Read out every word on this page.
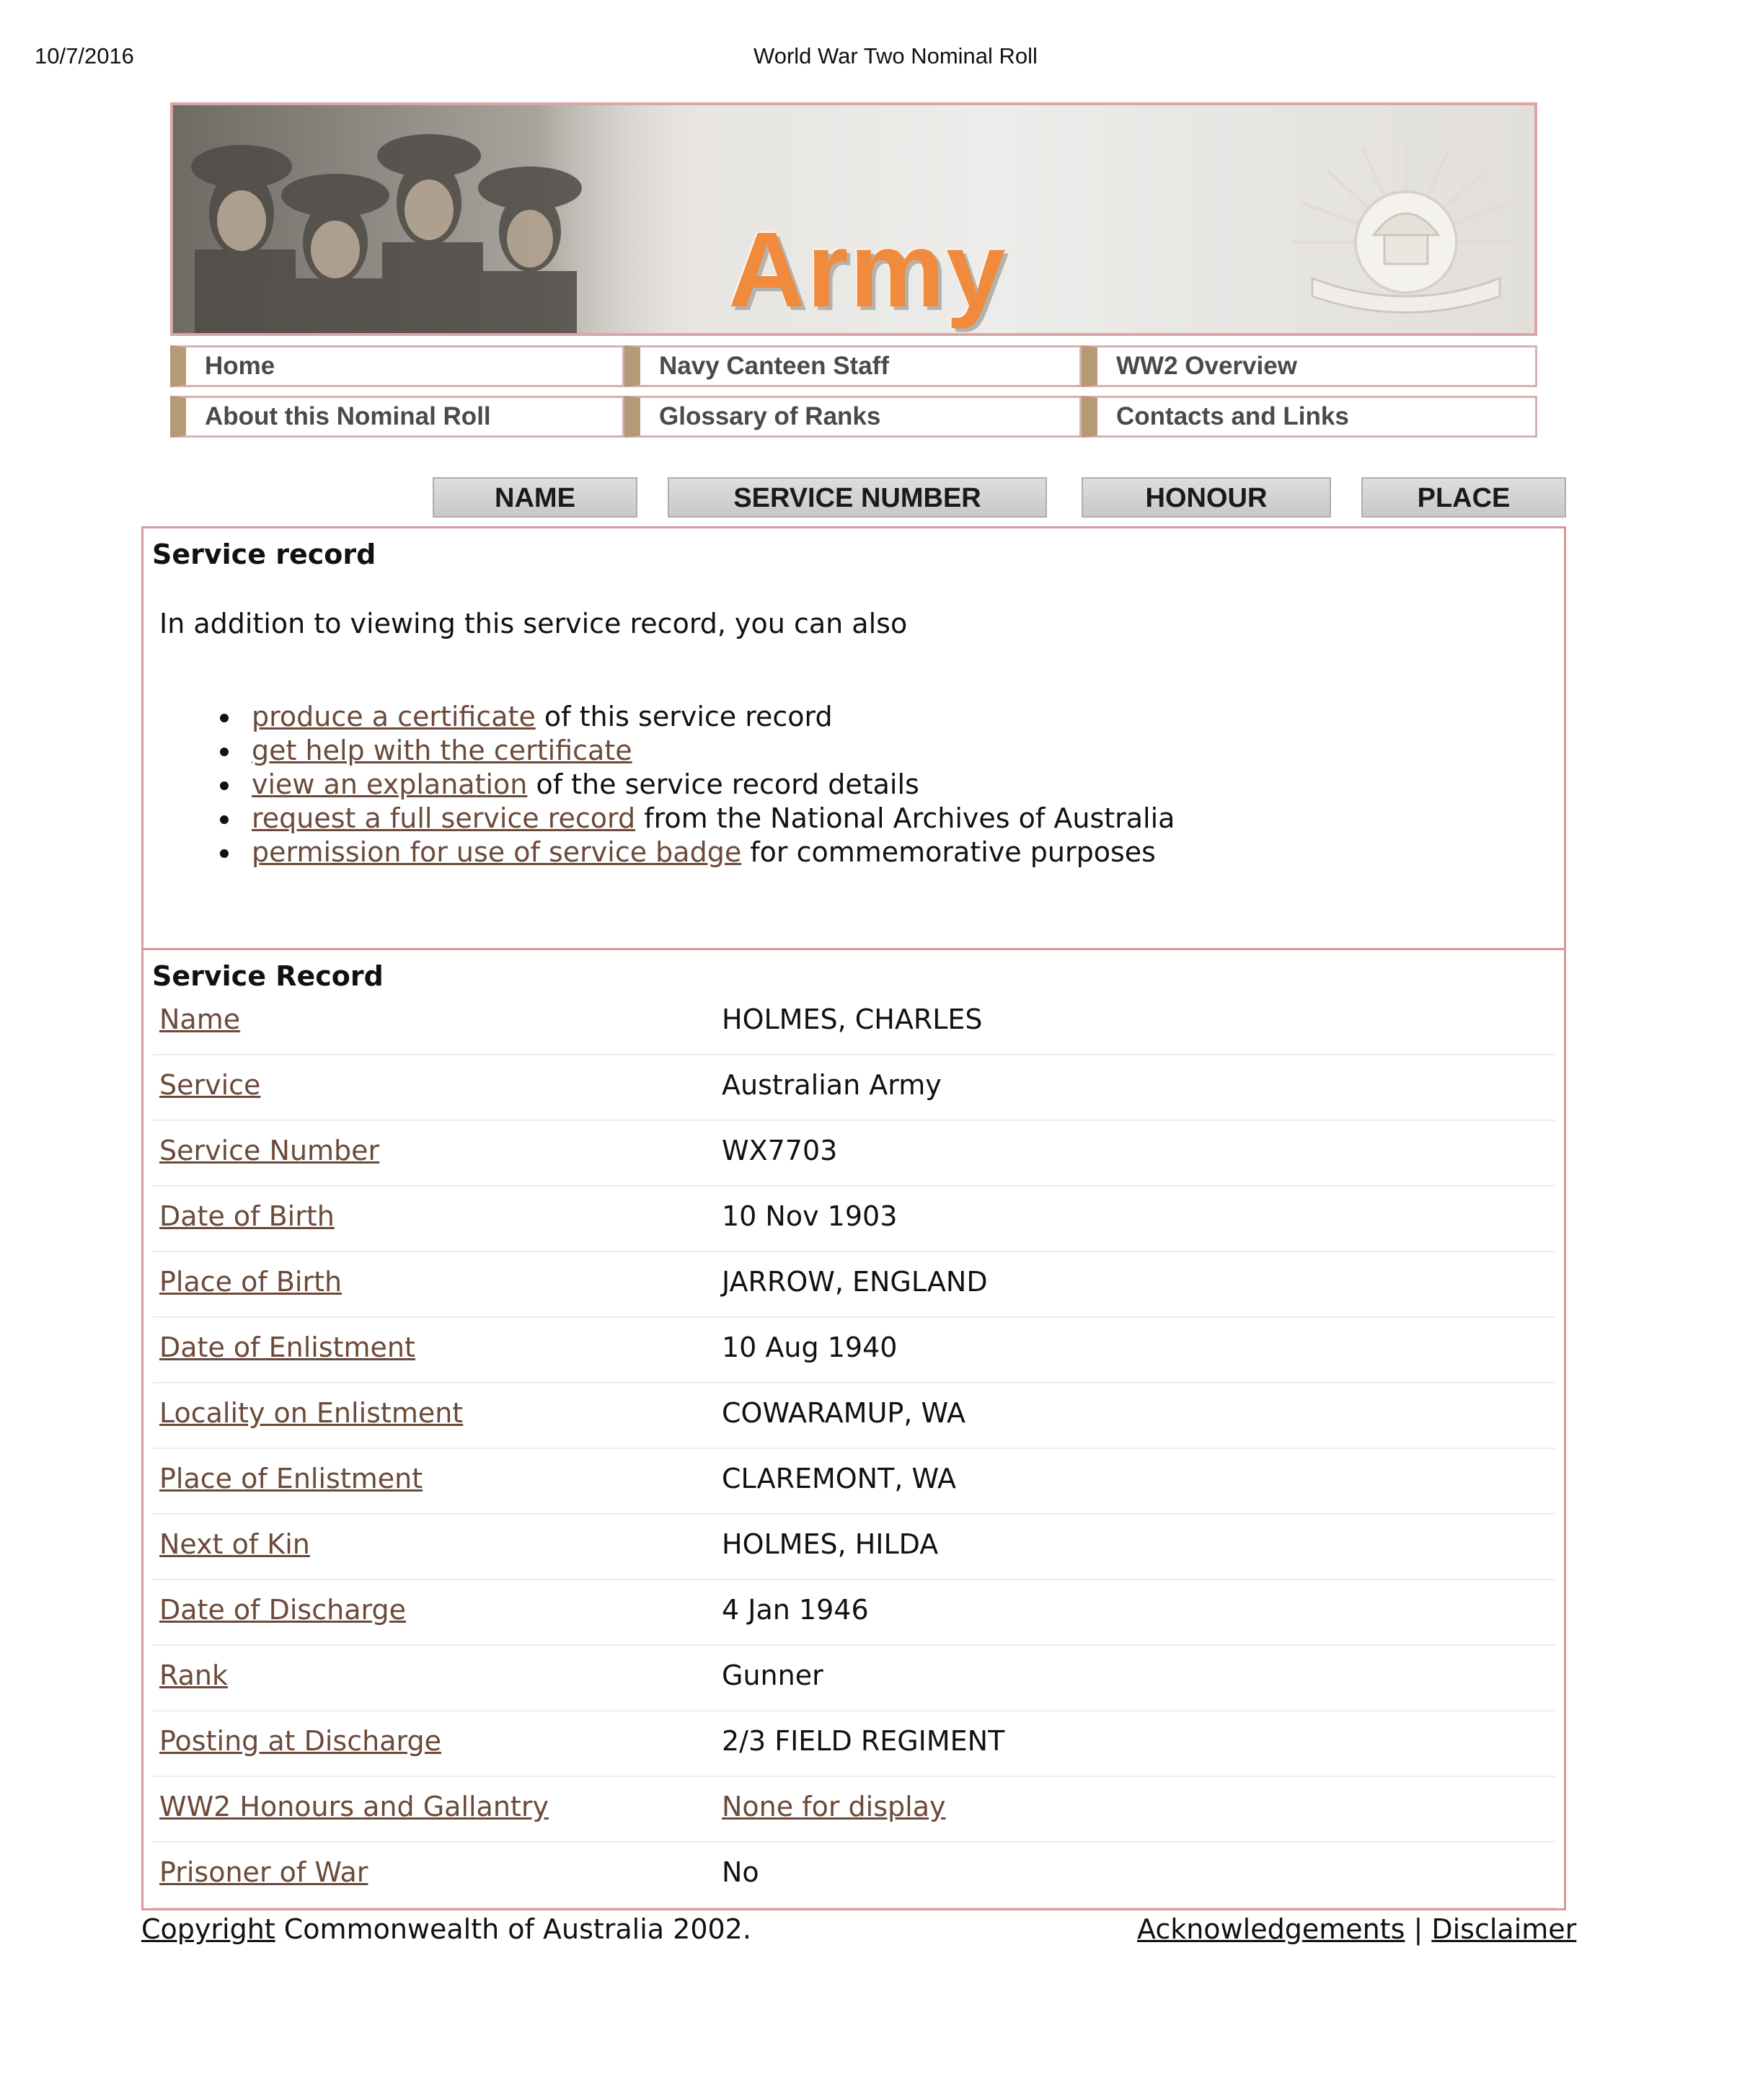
10/7/2016	World War Two Nominal Roll
Army
Home	Navy Canteen Staff	WW2 Overview
About this Nominal Roll	Glossary of Ranks	Contacts and Links
NAME	SERVICE NUMBER	HONOUR	PLACE
Service record
In addition to viewing this service record, you can also
produce a certificate of this service record
get help with the certificate
view an explanation of the service record details
request a full service record from the National Archives of Australia
permission for use of service badge for commemorative purposes
Service Record
Name	HOLMES, CHARLES
Service	Australian Army
Service Number	WX7703
Date of Birth	10 Nov 1903
Place of Birth	JARROW, ENGLAND
Date of Enlistment	10 Aug 1940
Locality on Enlistment	COWARAMUP, WA
Place of Enlistment	CLAREMONT, WA
Next of Kin	HOLMES, HILDA
Date of Discharge	4 Jan 1946
Rank	Gunner
Posting at Discharge	2/3 FIELD REGIMENT
WW2 Honours and Gallantry	None for display
Prisoner of War	No
Copyright Commonwealth of Australia 2002.	Acknowledgements | Disclaimer
